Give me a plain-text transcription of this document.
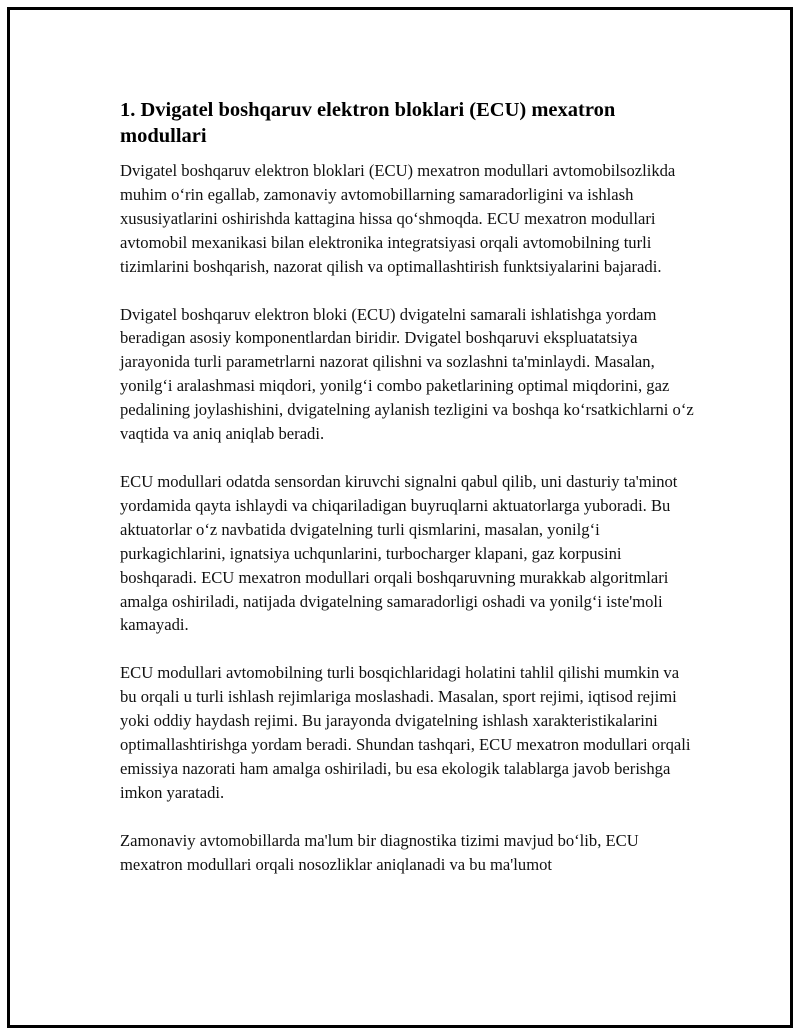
1. Dvigatel boshqaruv elektron bloklari (ECU) mexatron modullari

Dvigatel boshqaruv elektron bloklari (ECU) mexatron modullari avtomobilsozlikda muhim o‘rin egallab, zamonaviy avtomobillarning samaradorligini va ishlash xususiyatlarini oshirishda kattagina hissa qo‘shmoqda. ECU mexatron modullari avtomobil mexanikasi bilan elektronika integratsiyasi orqali avtomobilning turli tizimlarini boshqarish, nazorat qilish va optimallashtirish funktsiyalarini bajaradi.

Dvigatel boshqaruv elektron bloki (ECU) dvigatelni samarali ishlatishga yordam beradigan asosiy komponentlardan biridir. Dvigatel boshqaruvi ekspluatatsiya jarayonida turli parametrlarni nazorat qilishni va sozlashni ta'minlaydi. Masalan, yonilg‘i aralashmasi miqdori, yonilg‘i combo paketlarining optimal miqdorini, gaz pedalining joylashishini, dvigatelning aylanish tezligini va boshqa ko‘rsatkichlarni o‘z vaqtida va aniq aniqlab beradi.

ECU modullari odatda sensordan kiruvchi signalni qabul qilib, uni dasturiy ta'minot yordamida qayta ishlaydi va chiqariladigan buyruqlarni aktuatorlarga yuboradi. Bu aktuatorlar o‘z navbatida dvigatelning turli qismlarini, masalan, yonilg‘i purkagichlarini, ignatsiya uchqunlarini, turbocharger klapani, gaz korpusini boshqaradi. ECU mexatron modullari orqali boshqaruvning murakkab algoritmlari amalga oshiriladi, natijada dvigatelning samaradorligi oshadi va yonilg‘i iste'moli kamayadi.

ECU modullari avtomobilning turli bosqichlaridagi holatini tahlil qilishi mumkin va bu orqali u turli ishlash rejimlariga moslashadi. Masalan, sport rejimi, iqtisod rejimi yoki oddiy haydash rejimi. Bu jarayonda dvigatelning ishlash xarakteristikalarini optimallashtirishga yordam beradi. Shundan tashqari, ECU mexatron modullari orqali emissiya nazorati ham amalga oshiriladi, bu esa ekologik talablarga javob berishga imkon yaratadi.

Zamonaviy avtomobillarda ma'lum bir diagnostika tizimi mavjud bo‘lib, ECU mexatron modullari orqali nosozliklar aniqlanadi va bu ma'lumot
